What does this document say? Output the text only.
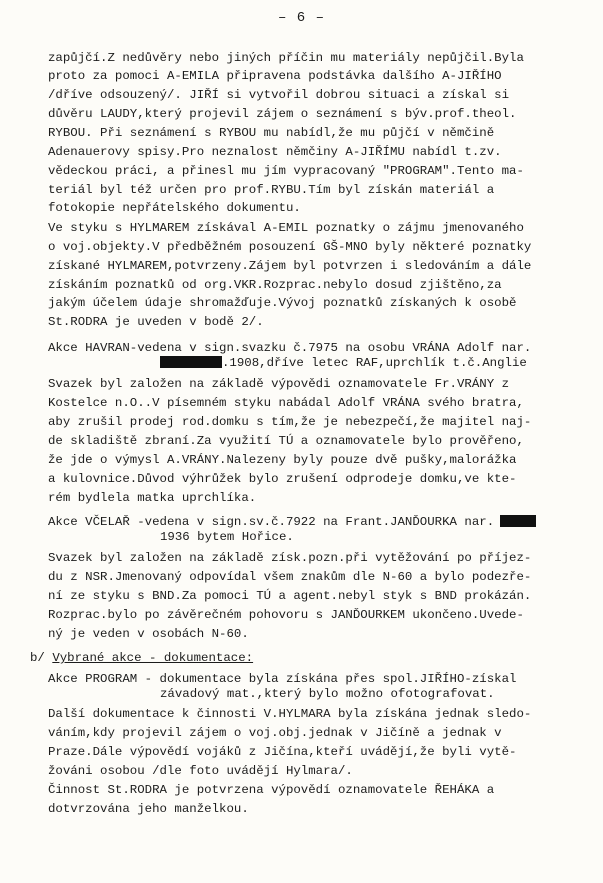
– 6 –
zapůjčí.Z nedůvěry nebo jiných příčin mu materiály nepůjčil.Byla
proto za pomoci A-EMILA připravena podstávka dalšího A-JIŘÍHO
/dříve odsouzený/. JIŘÍ si vytvořil dobrou situaci a získal si
důvěru LAUDY,který projevil zájem o seznámení s býv.prof.theol.
RYBOU. Při seznámení s RYBOU mu nabídl,že mu půjčí v němčině
Adenauerovy spisy.Pro neznalost němčiny A-JIŘÍMU nabídl t.zv.
vědeckou práci, a přinesl mu jím vypracovaný "PROGRAM".Tento ma-
teriál byl též určen pro prof.RYBU.Tím byl získán materiál a
fotokopie nepřátelského dokumentu.
Ve styku s HYLMAREM získával A-EMIL poznatky o zájmu jmenovaného
o voj.objekty.V předběžném posouzení GŠ-MNO byly některé poznatky
získané HYLMAREM,potvrzeny.Zájem byl potvrzen i sledováním a dále
získáním poznatků od org.VKR.Rozprac.nebylo dosud zjištěno,za
jakým účelem údaje shromažďuje.Vývoj poznatků získaných k osobě
St.RODRA je uveden v bodě 2/.
Akce HAVRAN-vedena v sign.svazku č.7975 na osobu VRÁNA Adolf nar.
.1908,dříve letec RAF,uprchlík t.č.Anglie
Svazek byl založen na základě výpovědi oznamovatele Fr.VRÁNY z
Kostelce n.O..V písemném styku nabádal Adolf VRÁNA svého bratra,
aby zrušil prodej rod.domku s tím,že je nebezpečí,že majitel naj-
de skladiště zbraní.Za využití TÚ a oznamovatele bylo prověřeno,
že jde o výmysl A.VRÁNY.Nalezeny byly pouze dvě pušky,malorážka
a kulovnice.Důvod výhrůžek bylo zrušení odprodeje domku,ve kte-
rém bydlela matka uprchlíka.
Akce VČELAŘ -vedena v sign.sv.č.7922 na Frant.JANĎOURKA nar.
1936 bytem Hořice.
Svazek byl založen na základě získ.pozn.při vytěžování po příjez-
du z NSR.Jmenovaný odpovídal všem znakům dle N-60 a bylo podezře-
ní ze styku s BND.Za pomoci TÚ a agent.nebyl styk s BND prokázán.
Rozprac.bylo po závěrečném pohovoru s JANĎOURKEM ukončeno.Uvede-
ný je veden v osobách N-60.
b/ Vybrané akce - dokumentace:
Akce PROGRAM - dokumentace byla získána přes spol.JIŘÍHO-získal
závadový mat.,který bylo možno ofotografovat.
Další dokumentace k činnosti V.HYLMARA byla získána jednak sledo-
váním,kdy projevil zájem o voj.obj.jednak v Jičíně a jednak v
Praze.Dále výpovědí vojáků z Jičína,kteří uvádějí,že byli vytě-
žováni osobou /dle foto uvádějí Hylmara/.
Činnost St.RODRA je potvrzena výpovědí oznamovatele ŘEHÁKA a
dotvrzována jeho manželkou.
